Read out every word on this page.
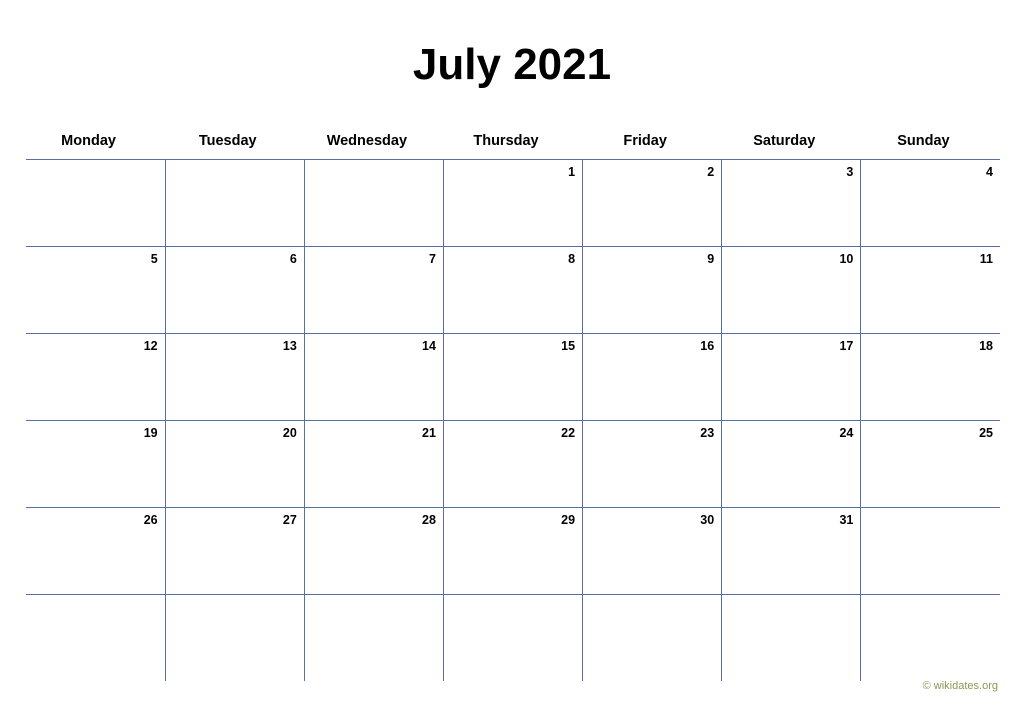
July 2021
Monday	Tuesday	Wednesday	Thursday	Friday	Saturday	Sunday

			1	2	3	4

5	6	7	8	9	10	11

12	13	14	15	16	17	18

19	20	21	22	23	24	25

26	27	28	29	30	31	

© wikidates.org
